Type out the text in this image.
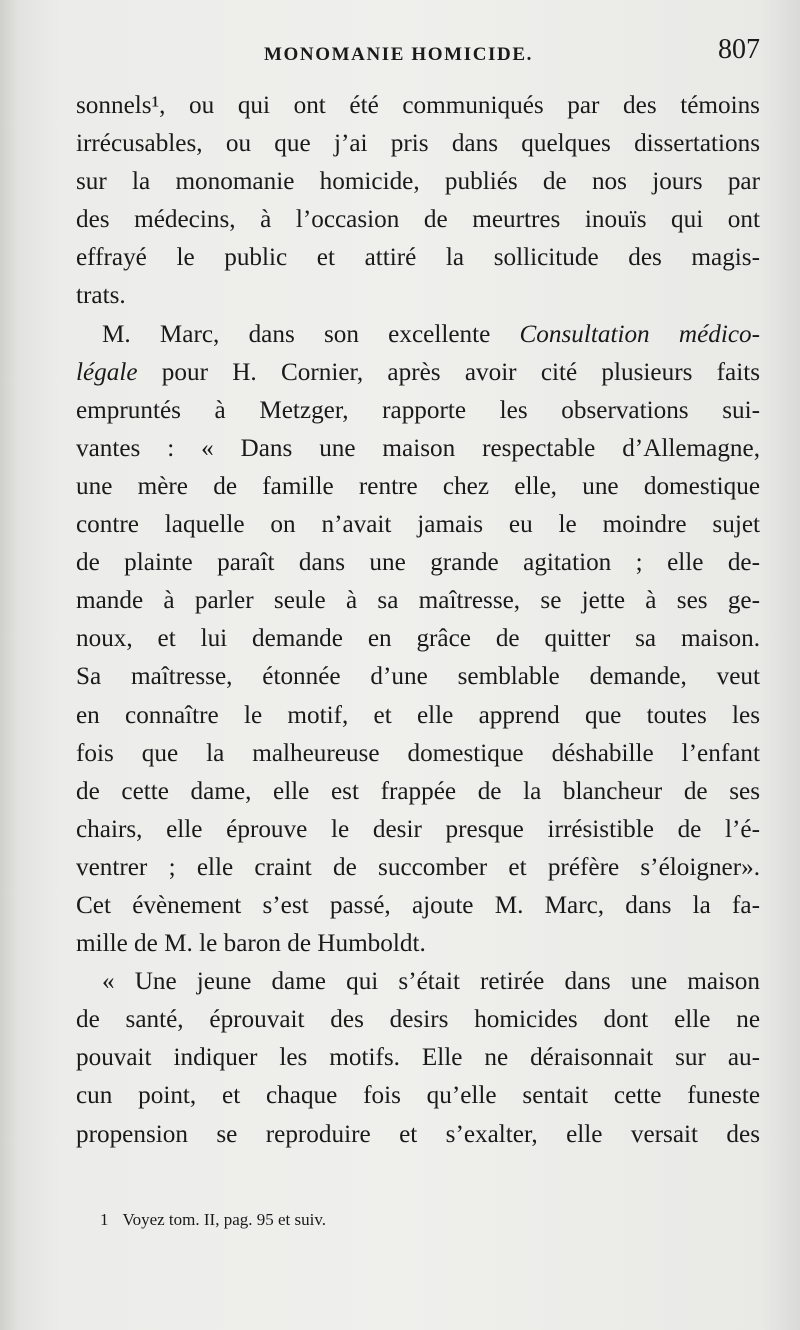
MONOMANIE HOMICIDE.	807
sonnels¹, ou qui ont été communiqués par des témoins
irrécusables, ou que j’ai pris dans quelques dissertations
sur la monomanie homicide, publiés de nos jours par
des médecins, à l’occasion de meurtres inouïs qui ont
effrayé le public et attiré la sollicitude des magis-
trats.
M. Marc, dans son excellente Consultation médico-
légale pour H. Cornier, après avoir cité plusieurs faits
empruntés à Metzger, rapporte les observations sui-
vantes : « Dans une maison respectable d’Allemagne,
une mère de famille rentre chez elle, une domestique
contre laquelle on n’avait jamais eu le moindre sujet
de plainte paraît dans une grande agitation ; elle de-
mande à parler seule à sa maîtresse, se jette à ses ge-
noux, et lui demande en grâce de quitter sa maison.
Sa maîtresse, étonnée d’une semblable demande, veut
en connaître le motif, et elle apprend que toutes les
fois que la malheureuse domestique déshabille l’enfant
de cette dame, elle est frappée de la blancheur de ses
chairs, elle éprouve le desir presque irrésistible de l’é-
ventrer ; elle craint de succomber et préfère s’éloigner».
Cet évènement s’est passé, ajoute M. Marc, dans la fa-
mille de M. le baron de Humboldt.
« Une jeune dame qui s’était retirée dans une maison
de santé, éprouvait des desirs homicides dont elle ne
pouvait indiquer les motifs. Elle ne déraisonnait sur au-
cun point, et chaque fois qu’elle sentait cette funeste
propension se reproduire et s’exalter, elle versait des
1 Voyez tom. II, pag. 95 et suiv.
